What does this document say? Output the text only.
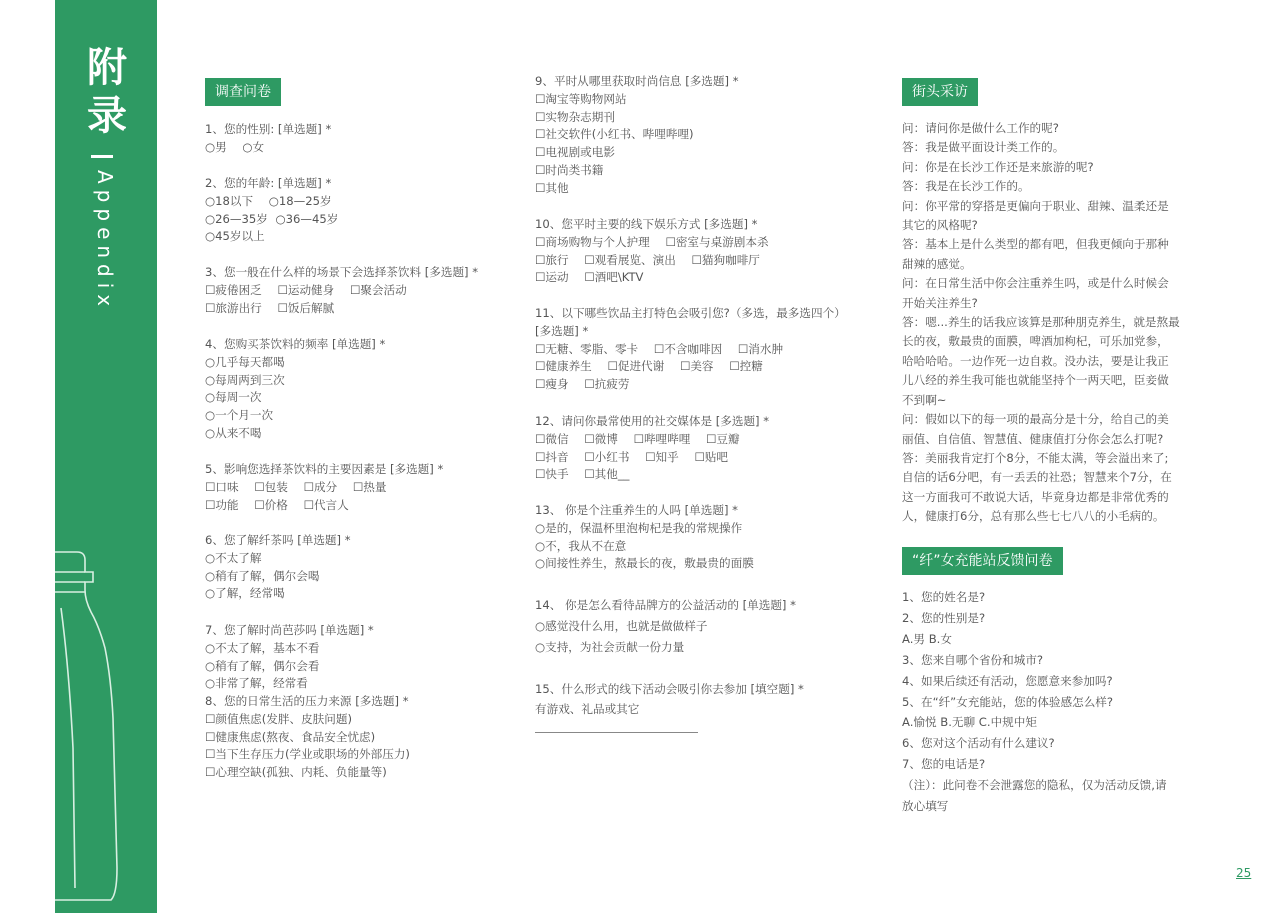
附
录
Appendix
调查问卷
1、您的性别: [单选题] *
○男 ○女
2、您的年龄: [单选题] *
○18以下 ○18—25岁
○26—35岁 ○36—45岁
○45岁以上
3、您一般在什么样的场景下会选择茶饮料 [多选题] *
☐疲倦困乏 ☐运动健身 ☐聚会活动
☐旅游出行 ☐饭后解腻
4、您购买茶饮料的频率 [单选题] *
○几乎每天都喝
○每周两到三次
○每周一次
○一个月一次
○从来不喝
5、影响您选择茶饮料的主要因素是 [多选题] *
☐口味 ☐包装 ☐成分 ☐热量
☐功能 ☐价格 ☐代言人
6、您了解纤茶吗 [单选题] *
○不太了解
○稍有了解，偶尔会喝
○了解，经常喝
7、您了解时尚芭莎吗 [单选题] *
○不太了解，基本不看
○稍有了解，偶尔会看
○非常了解，经常看
8、您的日常生活的压力来源 [多选题] *
☐颜值焦虑(发胖、皮肤问题)
☐健康焦虑(熬夜、食品安全忧虑)
☐当下生存压力(学业或职场的外部压力)
☐心理空缺(孤独、内耗、负能量等)
9、平时从哪里获取时尚信息 [多选题] *
☐淘宝等购物网站
☐实物杂志期刊
☐社交软件(小红书、哔哩哔哩)
☐电视剧或电影
☐时尚类书籍
☐其他
10、您平时主要的线下娱乐方式 [多选题] *
☐商场购物与个人护理 ☐密室与桌游剧本杀
☐旅行 ☐观看展览、演出 ☐猫狗咖啡厅
☐运动 ☐酒吧\KTV
11、以下哪些饮品主打特色会吸引您?（多选，最多选四个）
[多选题] *
☐无糖、零脂、零卡 ☐不含咖啡因 ☐消水肿
☐健康养生 ☐促进代谢 ☐美容 ☐控糖
☐瘦身 ☐抗疲劳
12、请问你最常使用的社交媒体是 [多选题] *
☐微信 ☐微博 ☐哔哩哔哩 ☐豆瓣
☐抖音 ☐小红书 ☐知乎 ☐贴吧
☐快手 ☐其他__
13、 你是个注重养生的人吗 [单选题] *
○是的，保温杯里泡枸杞是我的常规操作
○不，我从不在意
○间接性养生，熬最长的夜，敷最贵的面膜
14、 你是怎么看待品牌方的公益活动的 [单选题] *
○感觉没什么用，也就是做做样子
○支持，为社会贡献一份力量
15、什么形式的线下活动会吸引你去参加 [填空题] *
有游戏、礼品或其它
街头采访
问：请问你是做什么工作的呢?
答：我是做平面设计类工作的。
问：你是在长沙工作还是来旅游的呢?
答：我是在长沙工作的。
问：你平常的穿搭是更偏向于职业、甜辣、温柔还是
其它的风格呢?
答：基本上是什么类型的都有吧，但我更倾向于那种
甜辣的感觉。
问：在日常生活中你会注重养生吗，或是什么时候会
开始关注养生?
答：嗯...养生的话我应该算是那种朋克养生，就是熬最
长的夜，敷最贵的面膜，啤酒加枸杞，可乐加党参，
哈哈哈哈。一边作死一边自救。没办法，要是让我正
儿八经的养生我可能也就能坚持个一两天吧，臣妾做
不到啊~
问：假如以下的每一项的最高分是十分，给自己的美
丽值、自信值、智慧值、健康值打分你会怎么打呢?
答：美丽我肯定打个8分，不能太满，等会溢出来了;
自信的话6分吧，有一丢丢的社恐；智慧来个7分，在
这一方面我可不敢说大话，毕竟身边都是非常优秀的
人，健康打6分，总有那么些七七八八的小毛病的。
“纤”女充能站反馈问卷
1、您的姓名是?
2、您的性别是?
A.男 B.女
3、您来自哪个省份和城市?
4、如果后续还有活动，您愿意来参加吗?
5、在“纤”女充能站，您的体验感怎么样?
A.愉悦 B.无聊 C.中规中矩
6、您对这个活动有什么建议?
7、您的电话是?
（注）：此问卷不会泄露您的隐私，仅为活动反馈,请
放心填写
25
